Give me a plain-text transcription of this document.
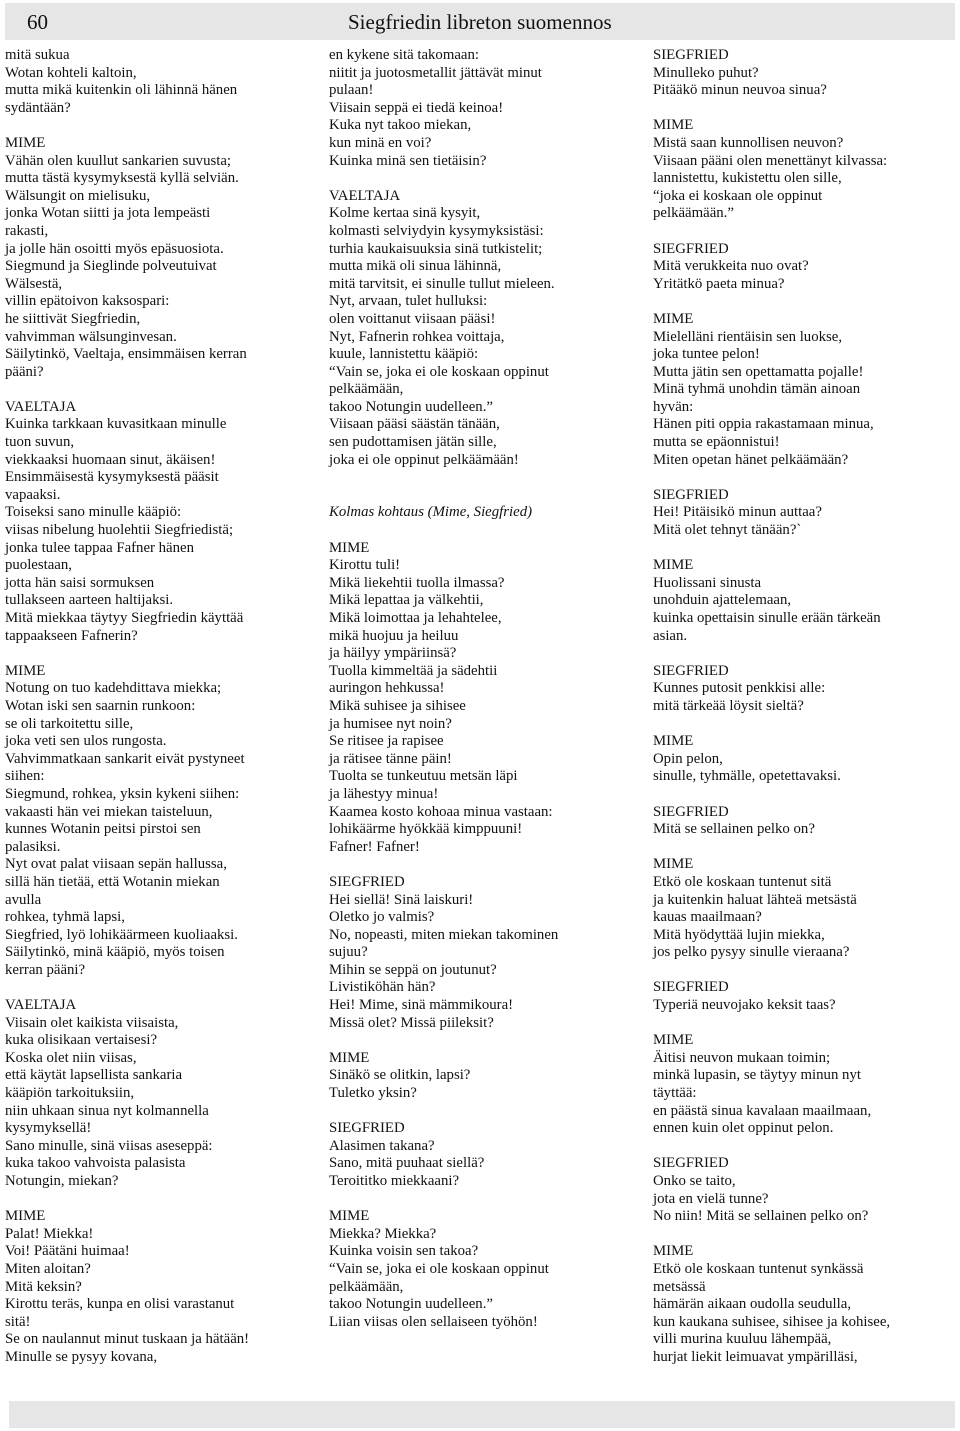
60	Siegfriedin libreton suomennos

mitä sukua

Wotan kohteli kaltoin,

mutta mikä kuitenkin oli lähinnä hänen

sydäntään?

MIME

Vähän olen kuullut sankarien suvusta;

mutta tästä kysymyksestä kyllä selviän.

Wälsungit on mielisuku,

jonka Wotan siitti ja jota lempeästi

rakasti,

ja jolle hän osoitti myös epäsuosiota.

Siegmund ja Sieglinde polveutuivat

Wälsestä,

villin epätoivon kaksospari:

he siittivät Siegfriedin,

vahvimman wälsunginvesan.

Säilytinkö, Vaeltaja, ensimmäisen kerran

pääni?

VAELTAJA

Kuinka tarkkaan kuvasitkaan minulle

tuon suvun,

viekkaaksi huomaan sinut, äkäisen!

Ensimmäisestä kysymyksestä pääsit

vapaaksi.

Toiseksi sano minulle kääpiö:

viisas nibelung huolehtii Siegfriedistä;

jonka tulee tappaa Fafner hänen

puolestaan,

jotta hän saisi sormuksen

tullakseen aarteen haltijaksi.

Mitä miekkaa täytyy Siegfriedin käyttää

tappaakseen Fafnerin?

MIME

Notung on tuo kadehdittava miekka;

Wotan iski sen saarnin runkoon:

se oli tarkoitettu sille,

joka veti sen ulos rungosta.

Vahvimmatkaan sankarit eivät pystyneet

siihen:

Siegmund, rohkea, yksin kykeni siihen:

vakaasti hän vei miekan taisteluun,

kunnes Wotanin peitsi pirstoi sen

palasiksi.

Nyt ovat palat viisaan sepän hallussa,

sillä hän tietää, että Wotanin miekan

avulla

rohkea, tyhmä lapsi,

Siegfried, lyö lohikäärmeen kuoliaaksi.

Säilytinkö, minä kääpiö, myös toisen

kerran pääni?

VAELTAJA

Viisain olet kaikista viisaista,

kuka olisikaan vertaisesi?

Koska olet niin viisas,

että käytät lapsellista sankaria

kääpiön tarkoituksiin,

niin uhkaan sinua nyt kolmannella

kysymyksellä!

Sano minulle, sinä viisas aseseppä:

kuka takoo vahvoista palasista

Notungin, miekan?

MIME

Palat! Miekka!

Voi! Päätäni huimaa!

Miten aloitan?

Mitä keksin?

Kirottu teräs, kunpa en olisi varastanut

sitä!

Se on naulannut minut tuskaan ja hätään!

Minulle se pysyy kovana,

en kykene sitä takomaan:

niitit ja juotosmetallit jättävät minut

pulaan!

Viisain seppä ei tiedä keinoa!

Kuka nyt takoo miekan,

kun minä en voi?

Kuinka minä sen tietäisin?

VAELTAJA

Kolme kertaa sinä kysyit,

kolmasti selviydyin kysymyksistäsi:

turhia kaukaisuuksia sinä tutkistelit;

mutta mikä oli sinua lähinnä,

mitä tarvitsit, ei sinulle tullut mieleen.

Nyt, arvaan, tulet hulluksi:

olen voittanut viisaan pääsi!

Nyt, Fafnerin rohkea voittaja,

kuule, lannistettu kääpiö:

“Vain se, joka ei ole koskaan oppinut

pelkäämään,

takoo Notungin uudelleen.”

Viisaan pääsi säästän tänään,

sen pudottamisen jätän sille,

joka ei ole oppinut pelkäämään!

Kolmas kohtaus (Mime, Siegfried)

MIME

Kirottu tuli!

Mikä liekehtii tuolla ilmassa?

Mikä lepattaa ja välkehtii,

Mikä loimottaa ja lehahtelee,

mikä huojuu ja heiluu

ja häilyy ympäriinsä?

Tuolla kimmeltää ja sädehtii

auringon hehkussa!

Mikä suhisee ja sihisee

ja humisee nyt noin?

Se ritisee ja rapisee

ja rätisee tänne päin!

Tuolta se tunkeutuu metsän läpi

ja lähestyy minua!

Kaamea kosto kohoaa minua vastaan:

lohikäärme hyökkää kimppuuni!

Fafner! Fafner!

SIEGFRIED

Hei siellä! Sinä laiskuri!

Oletko jo valmis?

No, nopeasti, miten miekan takominen

sujuu?

Mihin se seppä on joutunut?

Livistiköhän hän?

Hei! Mime, sinä mämmikoura!

Missä olet? Missä piileksit?

MIME

Sinäkö se olitkin, lapsi?

Tuletko yksin?

SIEGFRIED

Alasimen takana?

Sano, mitä puuhaat siellä?

Teroititko miekkaani?

MIME

Miekka? Miekka?

Kuinka voisin sen takoa?

“Vain se, joka ei ole koskaan oppinut

pelkäämään,

takoo Notungin uudelleen.”

Liian viisas olen sellaiseen työhön!

SIEGFRIED

Minulleko puhut?

Pitääkö minun neuvoa sinua?

MIME

Mistä saan kunnollisen neuvon?

Viisaan pääni olen menettänyt kilvassa:

lannistettu, kukistettu olen sille,

“joka ei koskaan ole oppinut

pelkäämään.”

SIEGFRIED

Mitä verukkeita nuo ovat?

Yritätkö paeta minua?

MIME

Mielelläni rientäisin sen luokse,

joka tuntee pelon!

Mutta jätin sen opettamatta pojalle!

Minä tyhmä unohdin tämän ainoan

hyvän:

Hänen piti oppia rakastamaan minua,

mutta se epäonnistui!

Miten opetan hänet pelkäämään?

SIEGFRIED

Hei! Pitäisikö minun auttaa?

Mitä olet tehnyt tänään?`

MIME

Huolissani sinusta

unohduin ajattelemaan,

kuinka opettaisin sinulle erään tärkeän

asian.

SIEGFRIED

Kunnes putosit penkkisi alle:

mitä tärkeää löysit sieltä?

MIME

Opin pelon,

sinulle, tyhmälle, opetettavaksi.

SIEGFRIED

Mitä se sellainen pelko on?

MIME

Etkö ole koskaan tuntenut sitä

ja kuitenkin haluat lähteä metsästä

kauas maailmaan?

Mitä hyödyttää lujin miekka,

jos pelko pysyy sinulle vieraana?

SIEGFRIED

Typeriä neuvojako keksit taas?

MIME

Äitisi neuvon mukaan toimin;

minkä lupasin, se täytyy minun nyt

täyttää:

en päästä sinua kavalaan maailmaan,

ennen kuin olet oppinut pelon.

SIEGFRIED

Onko se taito,

jota en vielä tunne?

No niin! Mitä se sellainen pelko on?

MIME

Etkö ole koskaan tuntenut synkässä

metsässä

hämärän aikaan oudolla seudulla,

kun kaukana suhisee, sihisee ja kohisee,

villi murina kuuluu lähempää,

hurjat liekit leimuavat ympärilläsi,
